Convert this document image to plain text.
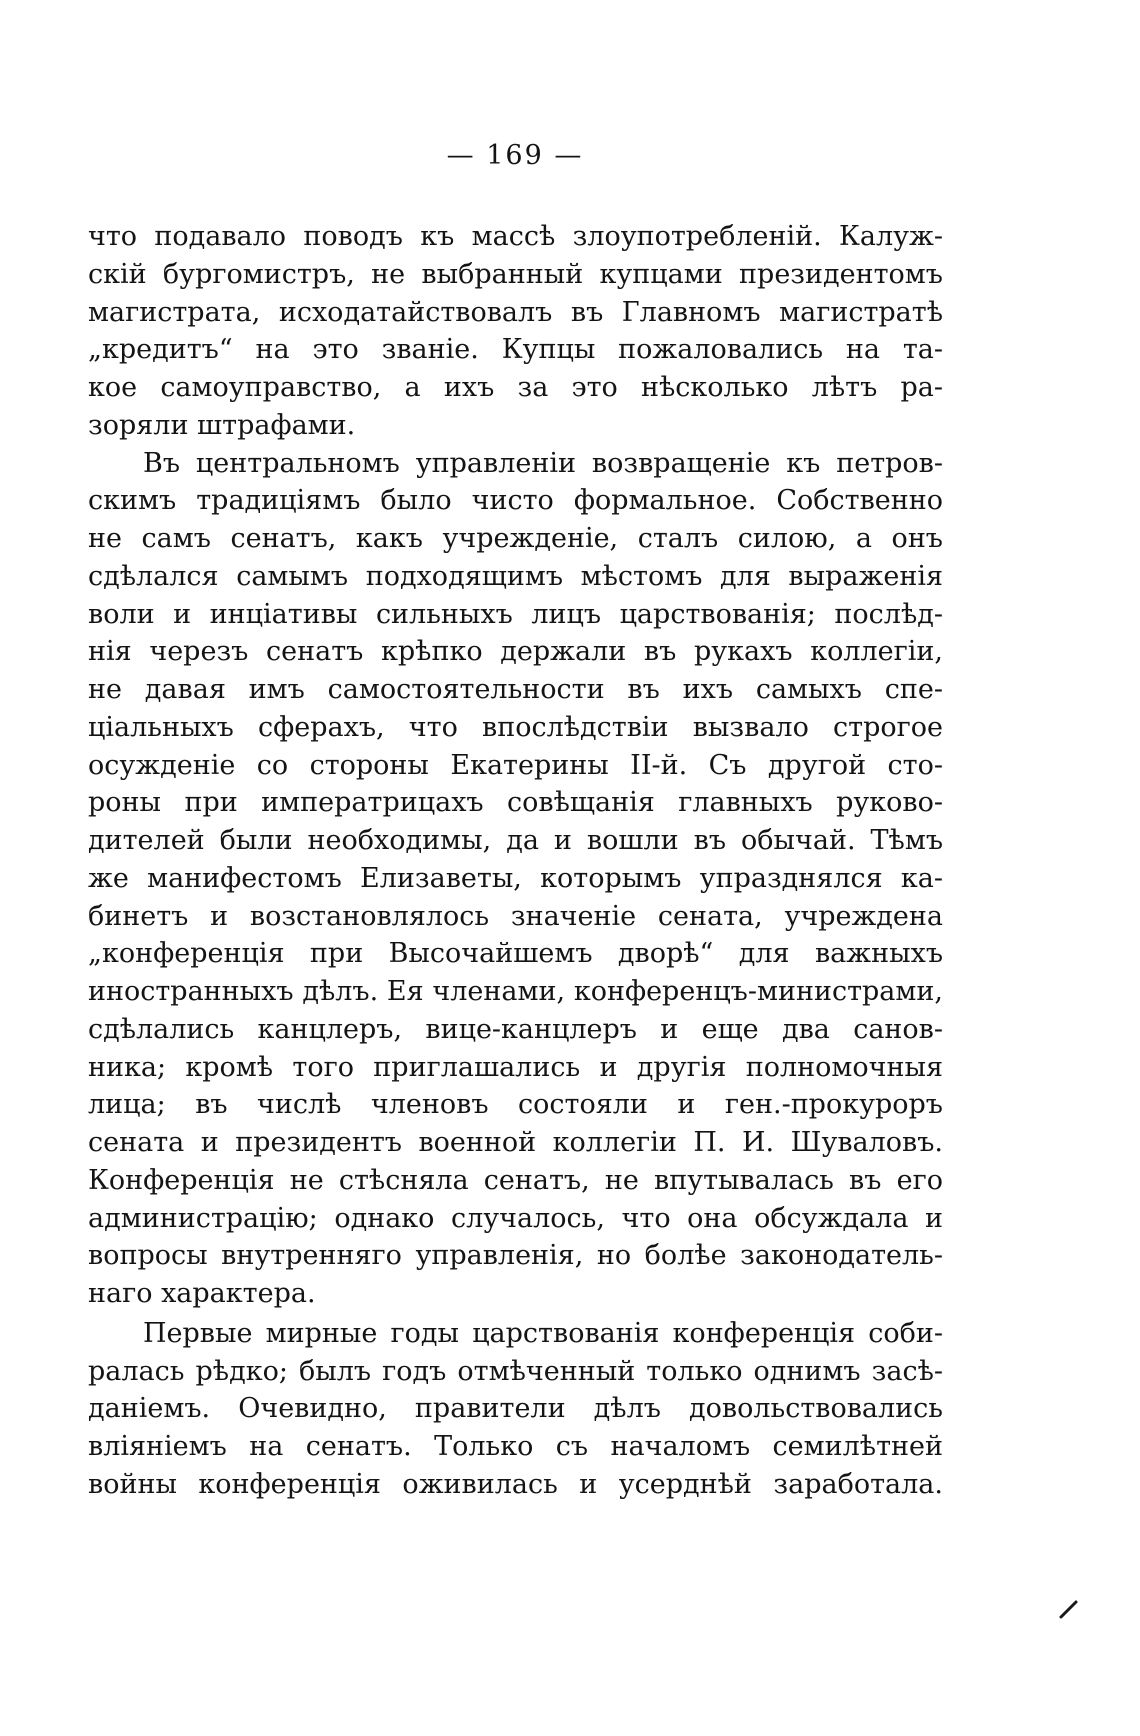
— 169 —
что подавало поводъ къ массѣ злоупотребленій. Калуж-
скій бургомистръ, не выбранный купцами президентомъ
магистрата, исходатайствовалъ въ Главномъ магистратѣ
„кредитъ“ на это званіе. Купцы пожаловались на та-
кое самоуправство, а ихъ за это нѣсколько лѣтъ ра-
зоряли штрафами.
Въ центральномъ управленіи возвращеніе къ петров-
скимъ традиціямъ было чисто формальное. Собственно
не самъ сенатъ, какъ учрежденіе, сталъ силою, а онъ
сдѣлался самымъ подходящимъ мѣстомъ для выраженія
воли и инціативы сильныхъ лицъ царствованія; послѣд-
нія черезъ сенатъ крѣпко держали въ рукахъ коллегіи,
не давая имъ самостоятельности въ ихъ самыхъ спе-
ціальныхъ сферахъ, что впослѣдствіи вызвало строгое
осужденіе со стороны Екатерины II-й. Съ другой сто-
роны при императрицахъ совѣщанія главныхъ руково-
дителей были необходимы, да и вошли въ обычай. Тѣмъ
же манифестомъ Елизаветы, которымъ упразднялся ка-
бинетъ и возстановлялось значеніе сената, учреждена
„конференція при Высочайшемъ дворѣ“ для важныхъ
иностранныхъ дѣлъ. Ея членами, конференцъ-министрами,
сдѣлались канцлеръ, вице-канцлеръ и еще два санов-
ника; кромѣ того приглашались и другія полномочныя
лица; въ числѣ членовъ состояли и ген.-прокуроръ
сената и президентъ военной коллегіи П. И. Шуваловъ.
Конференція не стѣсняла сенатъ, не впутывалась въ его
администрацію; однако случалось, что она обсуждала и
вопросы внутренняго управленія, но болѣе законодатель-
наго характера.
Первые мирные годы царствованія конференція соби-
ралась рѣдко; былъ годъ отмѣченный только однимъ засѣ-
даніемъ. Очевидно, правители дѣлъ довольствовались
вліяніемъ на сенатъ. Только съ началомъ семилѣтней
войны конференція оживилась и усерднѣй заработала.
